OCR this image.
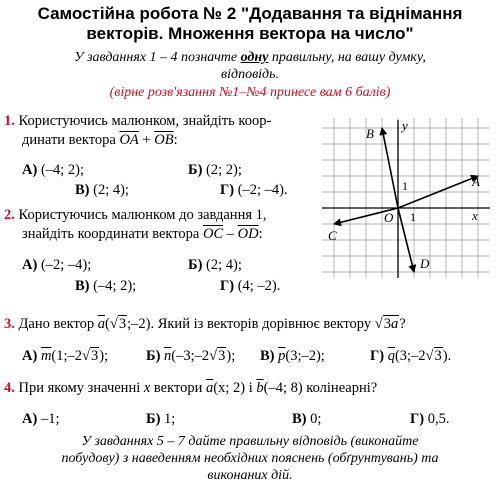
Самостійна робота № 2 "Додавання та віднімання
векторів. Множення вектора на число"
У завданнях 1 – 4 позначте одну правильну, на вашу думку,
відповідь.
(вірне розв'язання №1–№4 принесе вам 6 балів)
1. Користуючись малюнком, знайдіть коор-
динати вектора $\overline{OA} + \overline{OB}$:
А) (–4; 2);	Б) (2; 2);
В) (2; 4);	Г) (–2; –4).
2. Користуючись малюнком до завдання 1,
знайдіть координати вектора $\overline{OC} - \overline{OD}$:
А) (–2; –4);	Б) (2; 4);
В) (–4; 2);	Г) (4; –2).
B
A
C
D
O	x
y
1
1
3. Дано вектор $\overline{a}(√3;-2)$. Який із векторів дорівнює вектору $√3\overline{a}$?
А) $\overline{m}(1;-2√3)$;	Б) $\overline{n}(-3;-2√3)$; В) $\overline{p}(3;-2)$;	Г) $\overline{q}(3;-2√3)$.
4. При якому значенні x вектори $\overline{a}(x$; 2) і $\overline{b}(-4$; 8) колінеарні?
А) –1;	Б) 1;	В) 0;	Г) 0,5.
У завданнях 5 – 7 дайте правильну відповідь (виконайте
побудову) з наведенням необхідних пояснень (обґрунтувань) та
виконаних дій.
